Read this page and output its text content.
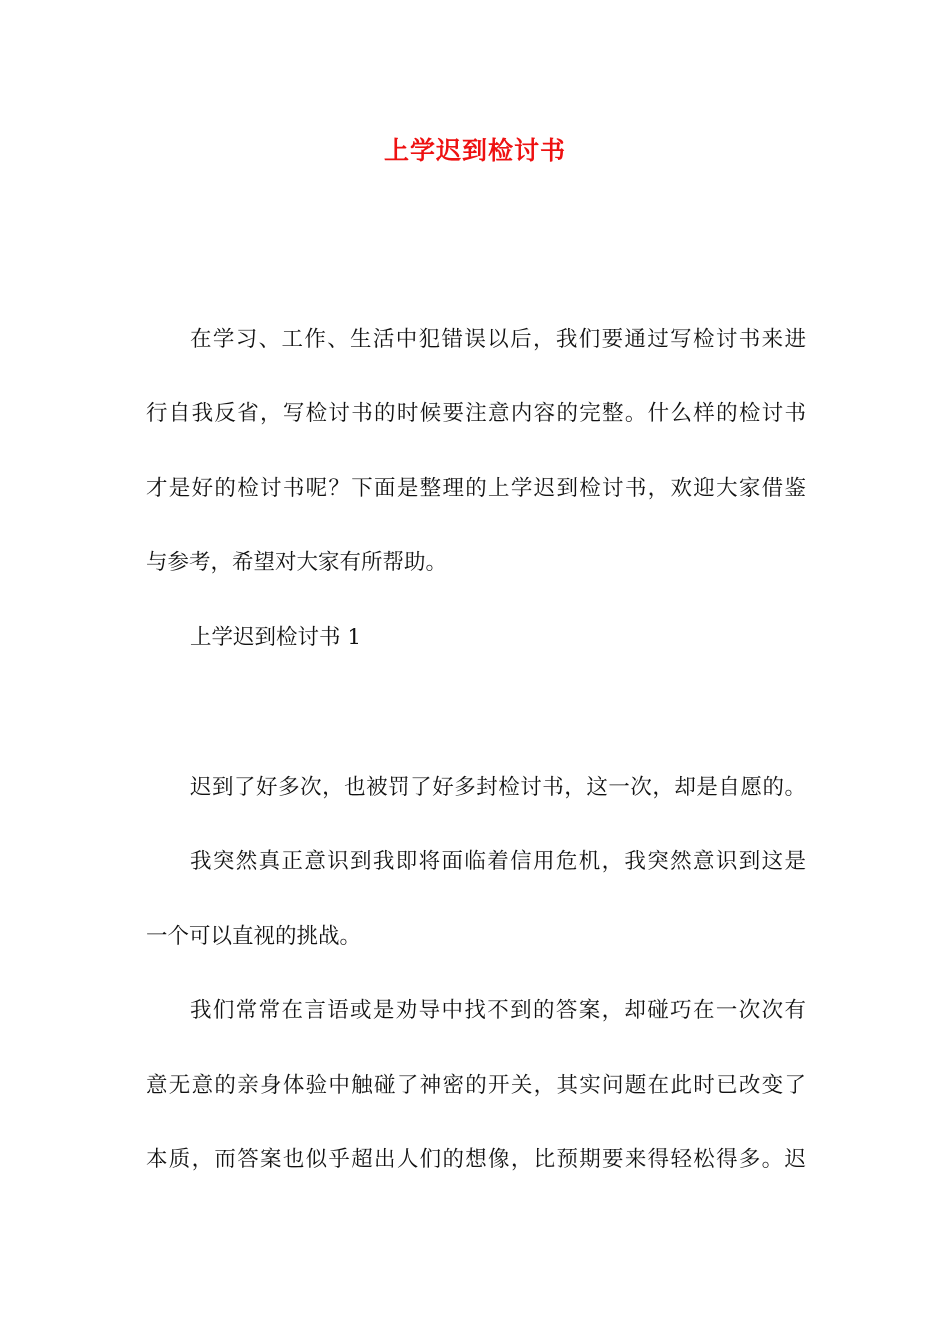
上学迟到检讨书
在学习、工作、生活中犯错误以后，我们要通过写检讨书来进
行自我反省，写检讨书的时候要注意内容的完整。什么样的检讨书
才是好的检讨书呢？下面是整理的上学迟到检讨书，欢迎大家借鉴
与参考，希望对大家有所帮助。
上学迟到检讨书 1
迟到了好多次，也被罚了好多封检讨书，这一次，却是自愿的。
我突然真正意识到我即将面临着信用危机，我突然意识到这是
一个可以直视的挑战。
我们常常在言语或是劝导中找不到的答案，却碰巧在一次次有
意无意的亲身体验中触碰了神密的开关，其实问题在此时已改变了
本质，而答案也似乎超出人们的想像，比预期要来得轻松得多。迟
